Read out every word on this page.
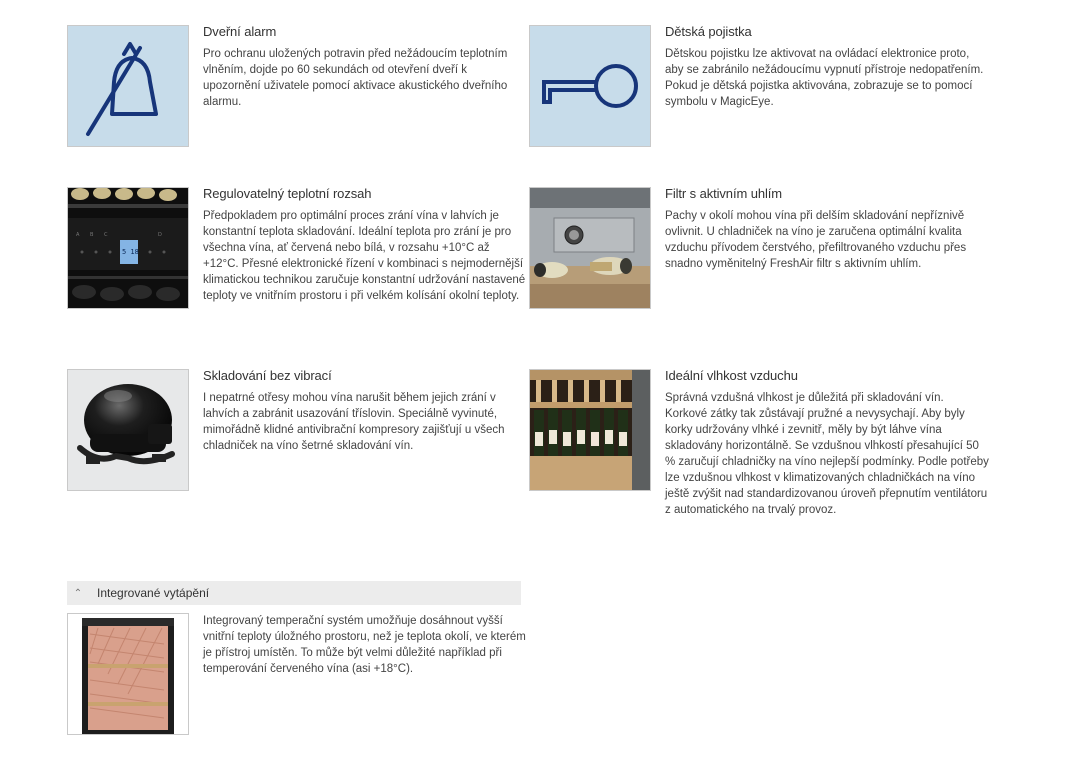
Dveřní alarm
Pro ochranu uložených potravin před nežádoucím teplotním vlněním, dojde po 60 sekundách od otevření dveří k upozornění uživatele pomocí aktivace akustického dveřního alarmu.
Dětská pojistka
Dětskou pojistku lze aktivovat na ovládací elektronice proto, aby se zabránilo nežádoucímu vypnutí přístroje nedopatřením. Pokud je dětská pojistka aktivována, zobrazuje se to pomocí symbolu v MagicEye.
A B C	D
5 18
Regulovatelný teplotní rozsah
Předpokladem pro optimální proces zrání vína v lahvích je konstantní teplota skladování. Ideální teplota pro zrání je pro všechna vína, ať červená nebo bílá, v rozsahu +10°C až +12°C. Přesné elektronické řízení v kombinaci s nejmodernější klimatickou technikou zaručuje konstantní udržování nastavené teploty ve vnitřním prostoru i při velkém kolísání okolní teploty.
Filtr s aktivním uhlím
Pachy v okolí mohou vína při delším skladování nepříznivě ovlivnit. U chladniček na víno je zaručena optimální kvalita vzduchu přívodem čerstvého, přefiltrovaného vzduchu přes snadno vyměnitelný FreshAir filtr s aktivním uhlím.
Skladování bez vibrací
I nepatrné otřesy mohou vína narušit během jejich zrání v lahvích a zabránit usazování tříslovin. Speciálně vyvinuté, mimořádně klidné antivibrační kompresory zajišťují u všech chladniček na víno šetrné skladování vín.
Ideální vlhkost vzduchu
Správná vzdušná vlhkost je důležitá při skladování vín. Korkové zátky tak zůstávají pružné a nevysychají. Aby byly korky udržovány vlhké i zevnitř, měly by být láhve vína skladovány horizontálně. Se vzdušnou vlhkostí přesahující 50 % zaručují chladničky na víno nejlepší podmínky. Podle potřeby lze vzdušnou vlhkost v klimatizovaných chladničkách na víno ještě zvýšit nad standardizovanou úroveň přepnutím ventilátoru z automatického na trvalý provoz.
⌃	Integrované vytápění
Integrovaný temperační systém umožňuje dosáhnout vyšší vnitřní teploty úložného prostoru, než je teplota okolí, ve kterém je přístroj umístěn. To může být velmi důležité například při temperování červeného vína (asi +18°C).
